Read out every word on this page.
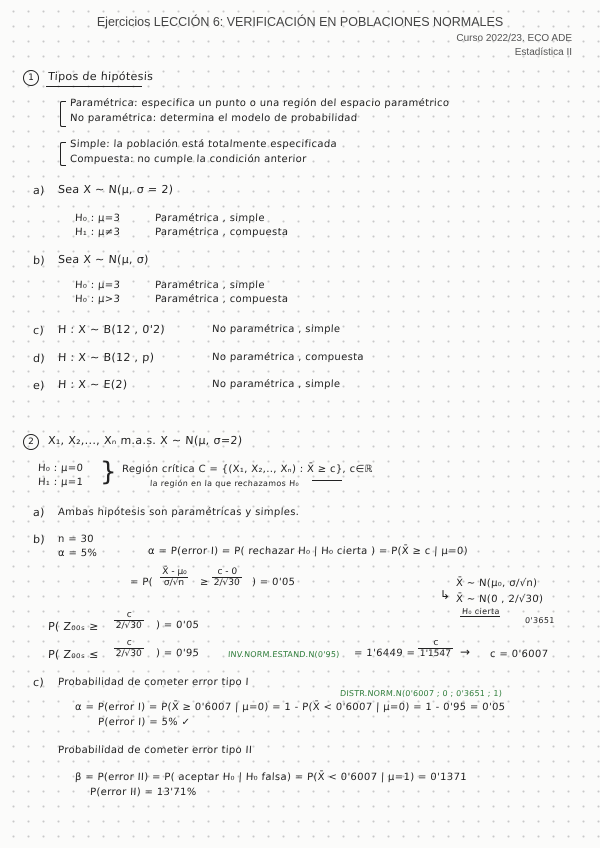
Ejercicios LECCIÓN 6: VERIFICACIÓN EN POBLACIONES NORMALES
Curso 2022/23. ECO ADE
Estadística II
1	Tipos de hipótesis
Paramétrica: especifica un punto o una región del espacio paramétrico
No paramétrica: determina el modelo de probabilidad
Simple: la población está totalmente especificada
Compuesta: no cumple la condición anterior
a) Sea X ~ N(μ, σ = 2)
H₀ : μ=3	Paramétrica , simple
H₁ : μ≠3	Paramétrica , compuesta
b) Sea X ~ N(μ, σ)
H₀ : μ=3	Paramétrica , simple
H₀ : μ>3	Paramétrica , compuesta
c) H : X ~ B(12 , 0'2)	No paramétrica , simple
d) H : X ~ B(12 , p)	No paramétrica , compuesta
e) H : X ~ E(2)	No paramétrica , simple
2	X₁, X₂,..., Xₙ m.a.s. X ~ N(μ, σ=2)
H₀ : μ=0
H₁ : μ=1 } Región crítica C = {(X₁, X₂,.., Xₙ) : X̄ ≥ c}, c∈ℝ
la región en la que rechazamos H₀
a) Ambas hipótesis son paramétricas y simples.
b) n = 30
α = 5%	α = P(error I) = P( rechazar H₀ | H₀ cierta ) = P(X̄ ≥ c | μ=0)
= $P( \frac{\text{X̄ - μ₀}}{\sigma/√n} \ge \frac{c - 0}{2/√30}$ ) = 0'05
↳
X̄ ~ N(μ₀, σ/√n)
X̄ ~ N(0 , 2/√30)
H₀ cierta
0'3651
P( $Z_{00s} \ge \frac{c}{2/√30}$ ) = 0'05
P( $Z_{00s} \le \frac{c}{2/√30}$ ) = 0'95	INV.NORM.ESTAND.N(0'95) = $1'6449 = \frac{c}{1'1547} \to c = 0'6007$
c) Probabilidad de cometer error tipo I
DISTR.NORM.N(0'6007 ; 0 ; 0'3651 ; 1)
α = P(error I) = P(X̄ ≥ 0'6007 | μ=0) = 1 - P(X̄ < 0'6007 | μ=0) = 1 - 0'95 = 0'05
P(error I) = 5% ✓
Probabilidad de cometer error tipo II
β = P(error II) = P( aceptar H₀ | H₀ falsa) = P(X̄ < 0'6007 | μ=1) = 0'1371
P(error II) = 13'71%
